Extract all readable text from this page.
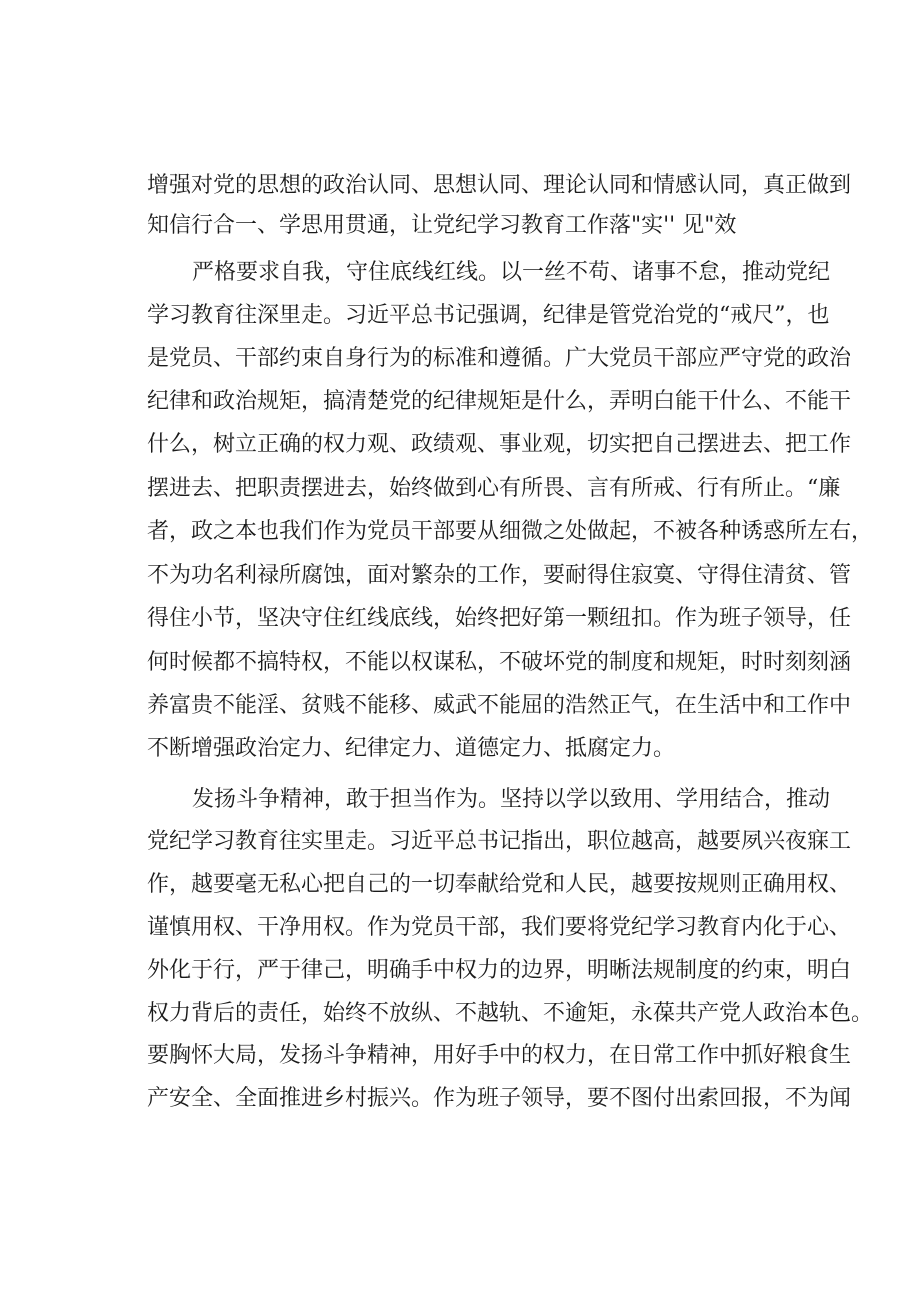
增强对党的思想的政治认同、思想认同、理论认同和情感认同，真正做到
知信行合一、学思用贯通，让党纪学习教育工作落"实'' 见"效
严格要求自我，守住底线红线。以一丝不苟、诸事不怠，推动党纪
学习教育往深里走。习近平总书记强调，纪律是管党治党的“戒尺”，也
是党员、干部约束自身行为的标准和遵循。广大党员干部应严守党的政治
纪律和政治规矩，搞清楚党的纪律规矩是什么，弄明白能干什么、不能干
什么，树立正确的权力观、政绩观、事业观，切实把自己摆进去、把工作
摆进去、把职责摆进去，始终做到心有所畏、言有所戒、行有所止。“廉
者，政之本也我们作为党员干部要从细微之处做起，不被各种诱惑所左右，
不为功名利禄所腐蚀，面对繁杂的工作，要耐得住寂寞、守得住清贫、管
得住小节，坚决守住红线底线，始终把好第一颗纽扣。作为班子领导，任
何时候都不搞特权，不能以权谋私，不破坏党的制度和规矩，时时刻刻涵
养富贵不能淫、贫贱不能移、威武不能屈的浩然正气，在生活中和工作中
不断增强政治定力、纪律定力、道德定力、抵腐定力。
发扬斗争精神，敢于担当作为。坚持以学以致用、学用结合，推动
党纪学习教育往实里走。习近平总书记指出，职位越高，越要夙兴夜寐工
作，越要毫无私心把自己的一切奉献给党和人民，越要按规则正确用权、
谨慎用权、干净用权。作为党员干部，我们要将党纪学习教育内化于心、
外化于行，严于律己，明确手中权力的边界，明晰法规制度的约束，明白
权力背后的责任，始终不放纵、不越轨、不逾矩，永葆共产党人政治本色。
要胸怀大局，发扬斗争精神，用好手中的权力，在日常工作中抓好粮食生
产安全、全面推进乡村振兴。作为班子领导，要不图付出索回报，不为闻
